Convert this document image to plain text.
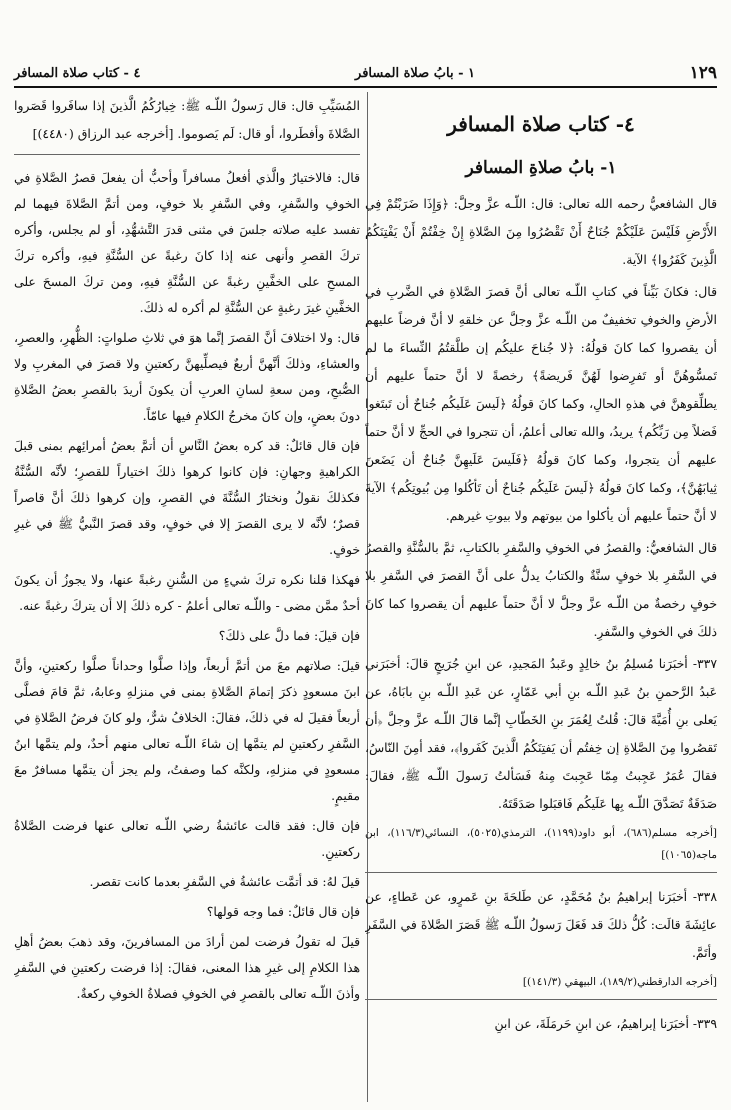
١٢٩
١ - بابُ صلاة المسافر
٤ - كتاب صلاة المسافر
٤- كتاب صلاة المسافر
١- بابُ صلاةِ المسافر

قال الشافعيُّ رحمه الله تعالى: قال: اللّـه عزَّ وجلَّ: ﴿وَإِذَا ضَرَبْتُمْ فِي الأَرْضِ فَلَيْسَ عَلَيْكُمْ جُنَاحٌ أَنْ تَقْصُرُوا مِنَ الصَّلاةِ إِنْ خِفْتُمْ أَنْ يَفْتِنَكُمُ الَّذِينَ كَفَرُوا﴾ الآية.

قال: فكانَ بَيِّناً في كتابِ اللّـه تعالى أنَّ قصرَ الصَّلاةِ في الضَّربِ في الأرضِ والخوفِ تخفيفٌ من اللّـه عزَّ وجلَّ عن خلقهِ لا أنَّ فرضاً عليهم أن يقصروا كما كانَ قولُهُ: ﴿لا جُناحَ عليكُم إن طلَّقتُمُ النِّساءَ ما لم تَمسُّوهُنَّ أو تَفرِضوا لَهُنَّ فَريضةً﴾ رخصةً لا أنَّ حتماً عليهم أن يطلِّقوهنَّ في هذهِ الحالِ، وكما كانَ قولُهُ ﴿لَيسَ عَلَيكُم جُناحٌ أن تَبتَغوا فَضلاً مِن رَبِّكُم﴾ يريدُ، والله تعالى أعلمُ، أن تتجروا في الحجِّ لا أنَّ حتماً عليهم أن يتجروا، وكما كانَ قولُهُ ﴿فَلَيسَ عَلَيهِنَّ جُناحٌ أن يَضَعنَ ثِيابَهُنَّ﴾، وكما كانَ قولُهُ ﴿لَيسَ عَلَيكُم جُناحٌ أن تَأكُلوا مِن بُيوتِكُم﴾ الآيةَ لا أنَّ حتماً عليهم أن يأكلوا من بيوتهم ولا بيوتِ غيرهم.

قال الشافعيُّ: والقصرُ في الخوفِ والسَّفرِ بالكتابِ، ثمَّ بالسُّنَّةِ والقصرُ في السَّفرِ بلا خوفٍ سنَّةٌ والكتابُ يدلُّ على أنَّ القصرَ في السَّفرِ بلا خوفٍ رخصةٌ من اللّـه عزَّ وجلَّ لا أنَّ حتماً عليهم أن يقصروا كما كانَ ذلكَ في الخوفِ والسَّفرِ.

٣٣٧- أخبَرَنا مُسلِمُ بنُ خالِدٍ وعَبدُ المَجيدِ، عن ابنِ جُرَيجٍ قالَ: أخبَرَني عَبدُ الرَّحمنِ بنُ عَبدِ اللّـه بنِ أبي عَمّارٍ، عن عَبدِ اللّـه بنِ بابَاهُ، عن يَعلى بنِ أُمَيَّةَ قالَ: قُلتُ لِعُمَرَ بنِ الخَطّابِ إنَّما قالَ اللّـه عزَّ وجلَّ ﴿أن تَقصُروا مِنَ الصَّلاةِ إن خِفتُم أن يَفتِنَكُمُ الَّذينَ كَفَروا﴾، فقد أمِنَ النّاسُ، فقالَ عُمَرُ عَجِبتُ مِمّا عَجِبتَ مِنهُ فَسَألتُ رَسولَ اللّـه ﷺ، فقالَ: صَدَقَةٌ تَصَدَّقَ اللّـه بِها عَلَيكُم فَاقبَلوا صَدَقَتَهُ.

[أخرجه مسلم(٦٨٦)، أبو داود(١١٩٩)، الترمذي(٥٠٢٥)، النسائي(١١٦/٣)، ابن ماجه(١٠٦٥)]

٣٣٨- أخبَرَنا إبراهيمُ بنُ مُحَمَّدٍ، عن طَلحَةَ بنِ عَمرٍو، عن عَطاءٍ، عن عائِشَةَ قالَت: كُلُّ ذلكَ قد فَعَلَ رَسولُ اللّـه ﷺ قَصَرَ الصَّلاةَ في السَّفَرِ وأتَمَّ.

[أخرجه الدارقطني(١٨٩/٢)، البيهقي (١٤١/٣)]

٣٣٩- أخبَرَنا إبراهيمُ، عن ابنِ حَرمَلَةَ، عن ابنِ

المُسَيِّبِ قال: قال رَسولُ اللّـه ﷺ: خِيارُكُمُ الَّذينَ إذا سافَروا قَصَروا الصَّلاةَ وأفطَروا، أو قال: لَم يَصوموا. [أخرجه عبد الرزاق (٤٤٨٠)]

قال: فالاختيارُ والَّذي أفعلُ مسافراً وأحبُّ أن يفعلَ قصرُ الصَّلاةِ في الخوفِ والسَّفرِ، وفي السَّفرِ بلا خوفٍ، ومن أتمَّ الصَّلاةَ فيهما لم تفسد عليه صلاته جلسَ في مثنى قدرَ التَّشهُّدِ، أو لم يجلس، وأكره تركَ القصرِ وأنهى عنه إذا كانَ رغبةً عن السُّنَّةِ فيهِ، وأكره تركَ المسحِ على الخفَّينِ رغبةً عن السُّنَّةِ فيهِ، ومن تركَ المسحَ على الخفَّينِ غيرَ رغبةٍ عن السُّنَّةِ لم أكره له ذلكَ.

قال: ولا اختلافَ أنَّ القصرَ إنَّما هوَ في ثلاثِ صلواتٍ: الظُّهرِ، والعصرِ، والعشاءِ، وذلكَ أنَّهنَّ أربعٌ فيصلِّيهنَّ ركعتينِ ولا قصرَ في المغربِ ولا الصُّبحِ، ومن سعةِ لسانِ العربِ أن يكونَ أريدَ بالقصرِ بعضُ الصَّلاةِ دونَ بعضٍ، وإن كانَ مخرجُ الكلامِ فيها عامّاً.

فإن قال قائلٌ: قد كره بعضُ النَّاسِ أن أتمَّ بعضُ أمرائِهم بمنى قبلَ الكراهيةِ وجهانِ: فإن كانوا كرهوا ذلكَ اختياراً للقصرِ؛ لأنَّه السُّنَّةُ فكذلكَ نقولُ ونختارُ السُّنَّةَ في القصرِ، وإن كرهوا ذلكَ أنَّ قاصراً قصرٌ؛ لأنَّه لا يرى القصرَ إلا في خوفٍ، وقد قصرَ النَّبيُّ ﷺ في غيرِ خوفٍ.

فهكذا قلنا نكره تركَ شيءٍ من السُّننِ رغبةً عنها، ولا يجوزُ أن يكونَ أحدٌ ممَّن مضى - واللّـه تعالى أعلمُ - كره ذلكَ إلا أن يتركَ رغبةً عنه.

فإن قيلَ: فما دلَّ على ذلكَ؟

قيلَ: صلاتهم معَ من أتمَّ أربعاً، وإذا صلَّوا وحداناً صلَّوا ركعتينِ، وأنَّ ابنَ مسعودٍ ذكرَ إتمامَ الصَّلاةِ بمنى في منزلهِ وعابهُ، ثمَّ قامَ فصلَّى أربعاً فقيلَ له في ذلكَ، فقالَ: الخلافُ شرٌّ، ولو كانَ فرضُ الصَّلاةِ في السَّفرِ ركعتينِ لم يتمَّها إن شاءَ اللّـه تعالى منهم أحدٌ، ولم يتمَّها ابنُ مسعودٍ في منزلهِ، ولكنَّه كما وصفتُ، ولم يجز أن يتمَّها مسافرٌ معَ مقيمٍ.

فإن قال: فقد قالت عائشةُ رضي اللّـه تعالى عنها فرضت الصَّلاةُ ركعتينِ.

قيلَ لهُ: قد أتمَّت عائشةُ في السَّفرِ بعدما كانت تقصر.

فإن قال قائلٌ: فما وجه قولها؟

قيلَ له تقولُ فرضت لمن أرادَ من المسافرينَ، وقد ذهبَ بعضُ أهلِ هذا الكلامِ إلى غيرِ هذا المعنى، فقالَ: إذا فرضت ركعتينِ في السَّفرِ وأذنَ اللّـه تعالى بالقصرِ في الخوفِ فصلاةُ الخوفِ ركعةٌ.
